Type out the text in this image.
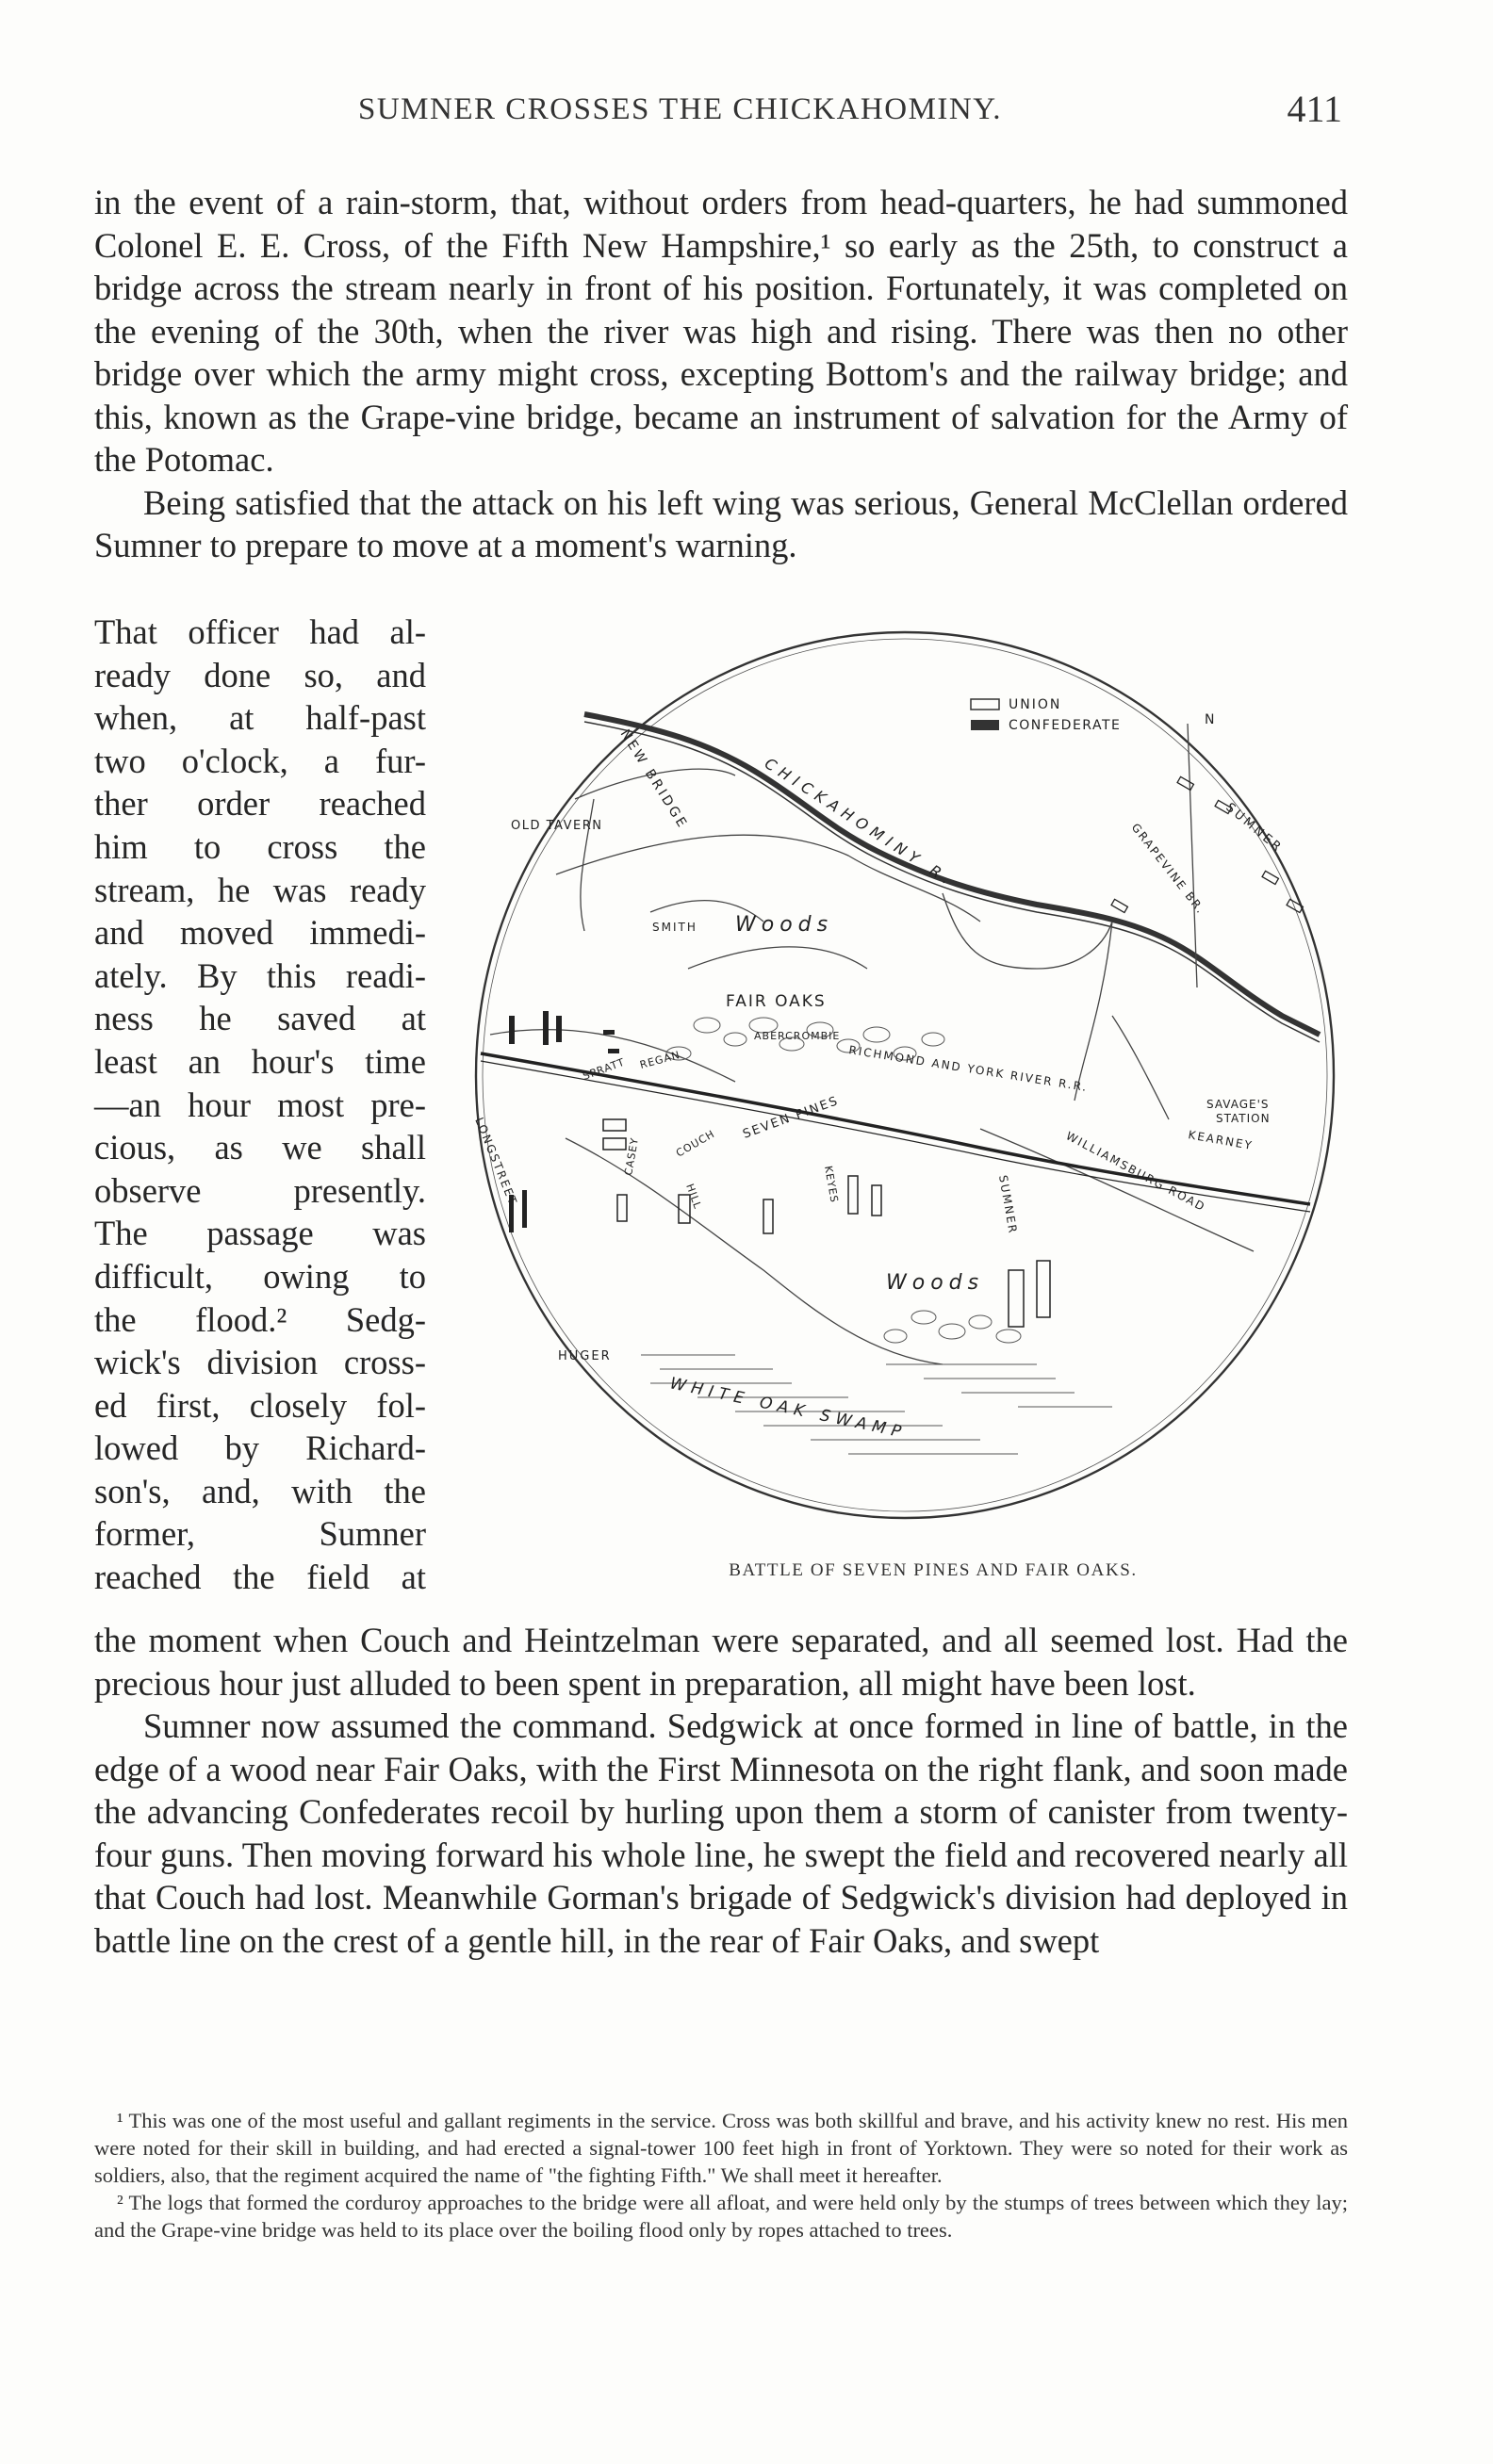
SUMNER CROSSES THE CHICKAHOMINY.	411

in the event of a rain-storm, that, without orders from head-quarters, he had summoned Colonel E. E. Cross, of the Fifth New Hampshire,¹ so early as the 25th, to construct a bridge across the stream nearly in front of his position. Fortunately, it was completed on the evening of the 30th, when the river was high and rising. There was then no other bridge over which the army might cross, excepting Bottom's and the railway bridge; and this, known as the Grape-vine bridge, became an instrument of salvation for the Army of the Potomac.

Being satisfied that the attack on his left wing was serious, General McClellan ordered Sumner to prepare to move at a moment's warning.

That officer had al-
ready done so, and
when, at half-past
two o'clock, a fur-
ther order reached
him to cross the
stream, he was ready
and moved immedi-
ately. By this readi-
ness he saved at
least an hour's time
—an hour most pre-
cious, as we shall
observe presently.
The passage was
difficult, owing to
the flood.² Sedg-
wick's division cross-
ed first, closely fol-
lowed by Richard-
son's, and, with the
former, Sumner
reached the field at
UNION
CONFEDERATE	N
NEW BRIDGE	CHICKAHOMINY R.	SUMNER
GRAPEVINE BR.
OLD TAVERN
SMITH Woods
FAIR OAKS
ABERCROMBIE
RICHMOND AND YORK RIVER R.R.
SAVAGE'S
STATION
SPRATT REGAN
SEVEN PINES
CASEY	COUCH	KEARNEY
WILLIAMSBURG ROAD
LONGSTREET	HILL	KEYES	SUMNER
Woods
HUGER
WHITE OAK SWAMP
BATTLE OF SEVEN PINES AND FAIR OAKS.

the moment when Couch and Heintzelman were separated, and all seemed lost. Had the precious hour just alluded to been spent in preparation, all might have been lost.

Sumner now assumed the command. Sedgwick at once formed in line of battle, in the edge of a wood near Fair Oaks, with the First Minnesota on the right flank, and soon made the advancing Confederates recoil by hurling upon them a storm of canister from twenty-four guns. Then moving forward his whole line, he swept the field and recovered nearly all that Couch had lost. Meanwhile Gorman's brigade of Sedgwick's division had deployed in battle line on the crest of a gentle hill, in the rear of Fair Oaks, and swept

¹ This was one of the most useful and gallant regiments in the service. Cross was both skillful and brave, and his activity knew no rest. His men were noted for their skill in building, and had erected a signal-tower 100 feet high in front of Yorktown. They were so noted for their work as soldiers, also, that the regiment acquired the name of "the fighting Fifth." We shall meet it hereafter.

² The logs that formed the corduroy approaches to the bridge were all afloat, and were held only by the stumps of trees between which they lay; and the Grape-vine bridge was held to its place over the boiling flood only by ropes attached to trees.
